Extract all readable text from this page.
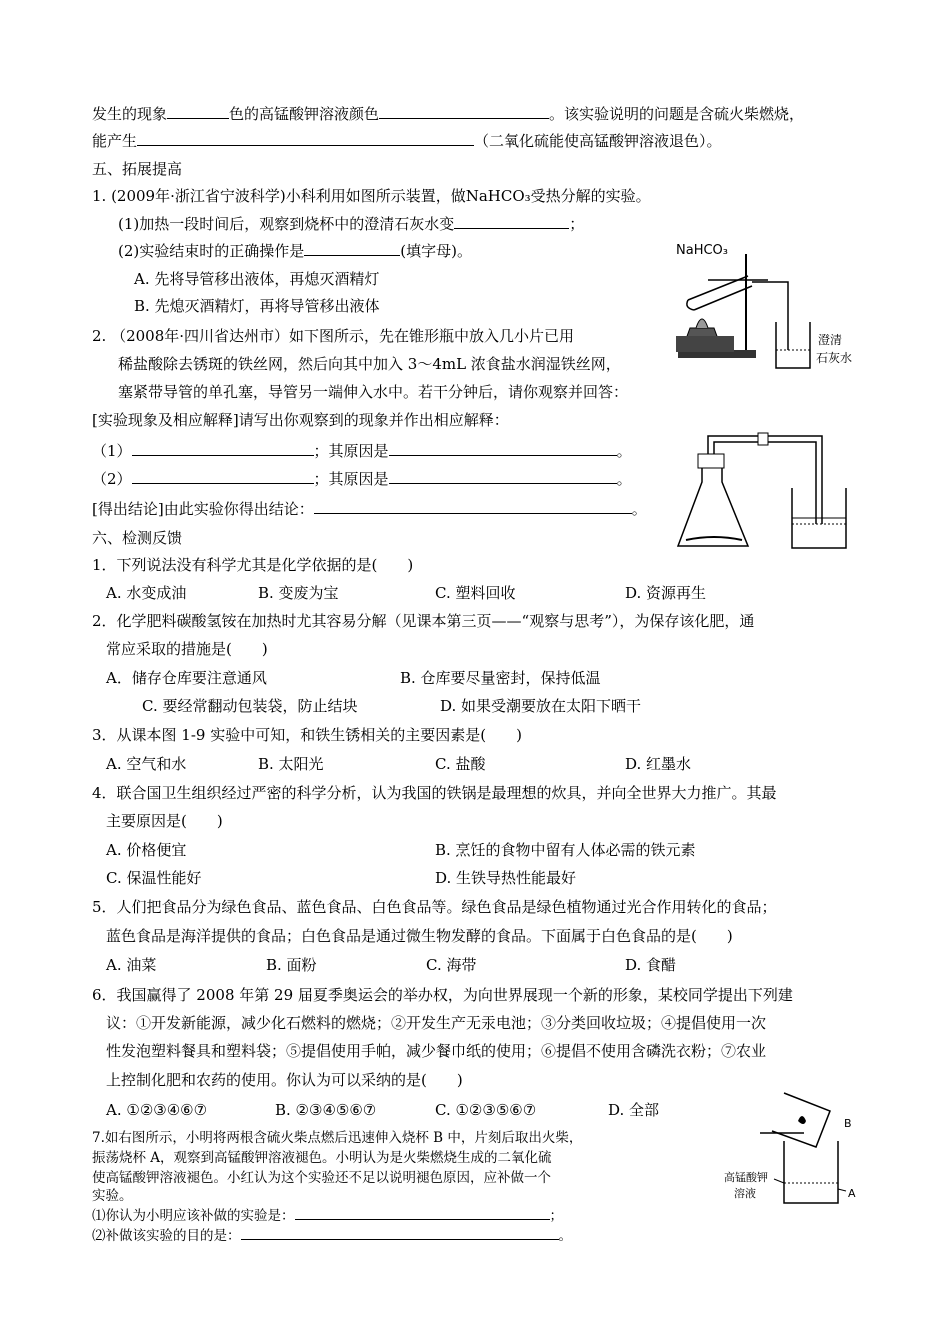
发生的现象	色的高锰酸钾溶液颜色	。该实验说明的问题是含硫火柴燃烧，
能产生	（二氧化硫能使高锰酸钾溶液退色）。
五、拓展提高
1. (2009年·浙江省宁波科学)小科利用如图所示装置，做NaHCO₃受热分解的实验。
(1)加热一段时间后，观察到烧杯中的澄清石灰水变	；
(2)实验结束时的正确操作是	(填字母)。
A. 先将导管移出液体，再熄灭酒精灯
B. 先熄灭酒精灯，再将导管移出液体
NaHCO₃
澄清
石灰水
2. （2008年·四川省达州市）如下图所示，先在锥形瓶中放入几小片已用
稀盐酸除去锈斑的铁丝网，然后向其中加入 3～4mL 浓食盐水润湿铁丝网，
塞紧带导管的单孔塞，导管另一端伸入水中。若干分钟后，请你观察并回答：
[实验现象及相应解释]请写出你观察到的现象并作出相应解释：
（1）	；其原因是	。
（2）	；其原因是	。
[得出结论]由此实验你得出结论：	。
六、检测反馈
1．下列说法没有科学尤其是化学依据的是(　　)
A. 水变成油	B. 变废为宝	C. 塑料回收	D. 资源再生
2．化学肥料碳酸氢铵在加热时尤其容易分解（见课本第三页——“观察与思考”），为保存该化肥，通
常应采取的措施是(　　)
A．储存仓库要注意通风	B. 仓库要尽量密封，保持低温
C. 要经常翻动包装袋，防止结块	D. 如果受潮要放在太阳下晒干
3．从课本图 1-9 实验中可知，和铁生锈相关的主要因素是(　　)
A. 空气和水	B. 太阳光	C. 盐酸	D. 红墨水
4．联合国卫生组织经过严密的科学分析，认为我国的铁锅是最理想的炊具，并向全世界大力推广。其最
主要原因是(　　)
A. 价格便宜	B. 烹饪的食物中留有人体必需的铁元素
C. 保温性能好	D. 生铁导热性能最好
5．人们把食品分为绿色食品、蓝色食品、白色食品等。绿色食品是绿色植物通过光合作用转化的食品；
蓝色食品是海洋提供的食品；白色食品是通过微生物发酵的食品。下面属于白色食品的是(　　)
A. 油菜	B. 面粉	C. 海带	D. 食醋
6．我国赢得了 2008 年第 29 届夏季奥运会的举办权，为向世界展现一个新的形象，某校同学提出下列建
议：①开发新能源，减少化石燃料的燃烧；②开发生产无汞电池；③分类回收垃圾；④提倡使用一次
性发泡塑料餐具和塑料袋；⑤提倡使用手帕，减少餐巾纸的使用；⑥提倡不使用含磷洗衣粉；⑦农业
上控制化肥和农药的使用。你认为可以采纳的是(　　)
A. ①②③④⑥⑦	B. ②③④⑤⑥⑦	C. ①②③⑤⑥⑦	D. 全部
7.如右图所示，小明将两根含硫火柴点燃后迅速伸入烧杯 B 中，片刻后取出火柴，
振荡烧杯 A，观察到高锰酸钾溶液褪色。小明认为是火柴燃烧生成的二氧化硫
使高锰酸钾溶液褪色。小红认为这个实验还不足以说明褪色原因，应补做一个
实验。
⑴你认为小明应该补做的实验是：	；
⑵补做该实验的目的是：	。
B
高锰酸钾
溶液	A
